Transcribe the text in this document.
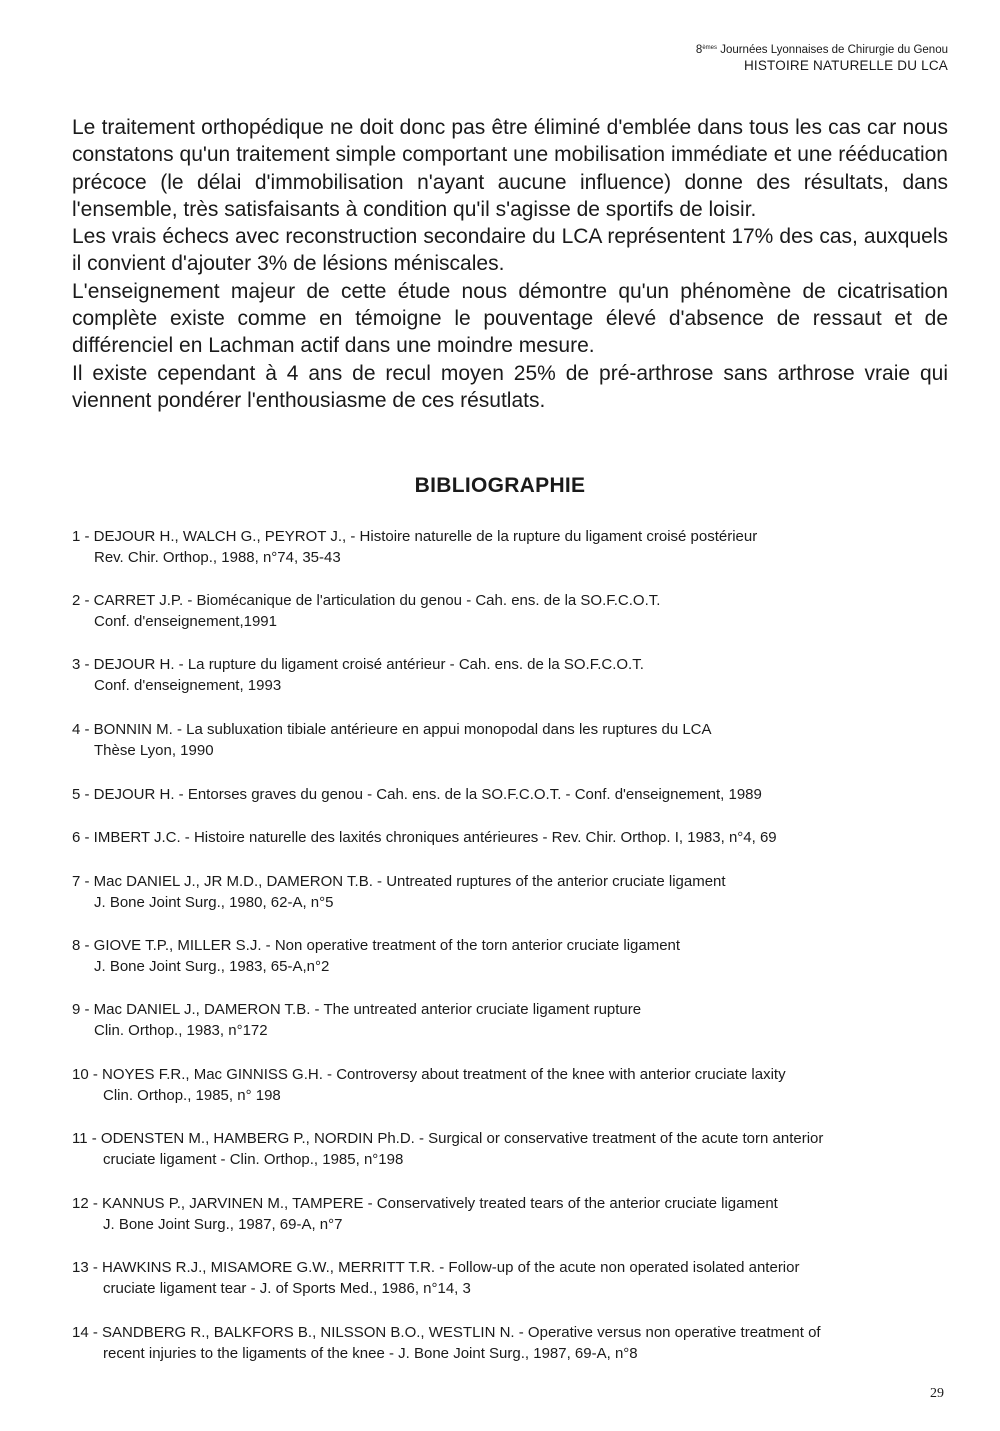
8èmes Journées Lyonnaises de Chirurgie du Genou
HISTOIRE NATURELLE DU LCA

Le traitement orthopédique ne doit donc pas être éliminé d'emblée dans tous les cas car nous constatons qu'un traitement simple comportant une mobilisation immédiate et une rééducation précoce (le délai d'immobilisation n'ayant aucune influence) donne des résultats, dans l'ensemble, très satisfaisants à condition qu'il s'agisse de sportifs de loisir.

Les vrais échecs avec reconstruction secondaire du LCA représentent 17% des cas, auxquels il convient d'ajouter 3% de lésions méniscales.

L'enseignement majeur de cette étude nous démontre qu'un phénomène de cicatrisation complète existe comme en témoigne le pouventage élevé d'absence de ressaut et de différenciel en Lachman actif dans une moindre mesure.

Il existe cependant à 4 ans de recul moyen 25% de pré-arthrose sans arthrose vraie qui viennent pondérer l'enthousiasme de ces résutlats.

BIBLIOGRAPHIE
1 - DEJOUR H., WALCH G., PEYROT J., - Histoire naturelle de la rupture du ligament croisé postérieur
Rev. Chir. Orthop., 1988, n°74, 35-43
2 - CARRET J.P. - Biomécanique de l'articulation du genou - Cah. ens. de la SO.F.C.O.T.
Conf. d'enseignement,1991
3 - DEJOUR H. - La rupture du ligament croisé antérieur - Cah. ens. de la SO.F.C.O.T.
Conf. d'enseignement, 1993
4 - BONNIN M. - La subluxation tibiale antérieure en appui monopodal dans les ruptures du LCA
Thèse Lyon, 1990
5 - DEJOUR H. - Entorses graves du genou - Cah. ens. de la SO.F.C.O.T. - Conf. d'enseignement, 1989
6 - IMBERT J.C. - Histoire naturelle des laxités chroniques antérieures - Rev. Chir. Orthop. I, 1983, n°4, 69
7 - Mac DANIEL J., JR M.D., DAMERON T.B. - Untreated ruptures of the anterior cruciate ligament
J. Bone Joint Surg., 1980, 62-A, n°5
8 - GIOVE T.P., MILLER S.J. - Non operative treatment of the torn anterior cruciate ligament
J. Bone Joint Surg., 1983, 65-A,n°2
9 - Mac DANIEL J., DAMERON T.B. - The untreated anterior cruciate ligament rupture
Clin. Orthop., 1983, n°172
10 - NOYES F.R., Mac GINNISS G.H. - Controversy about treatment of the knee with anterior cruciate laxity
Clin. Orthop., 1985, n° 198
11 - ODENSTEN M., HAMBERG P., NORDIN Ph.D. - Surgical or conservative treatment of the acute torn anterior
cruciate ligament - Clin. Orthop., 1985, n°198
12 - KANNUS P., JARVINEN M., TAMPERE - Conservatively treated tears of the anterior cruciate ligament
J. Bone Joint Surg., 1987, 69-A, n°7
13 - HAWKINS R.J., MISAMORE G.W., MERRITT T.R. - Follow-up of the acute non operated isolated anterior
cruciate ligament tear - J. of Sports Med., 1986, n°14, 3
14 - SANDBERG R., BALKFORS B., NILSSON B.O., WESTLIN N. - Operative versus non operative treatment of
recent injuries to the ligaments of the knee - J. Bone Joint Surg., 1987, 69-A, n°8
29
